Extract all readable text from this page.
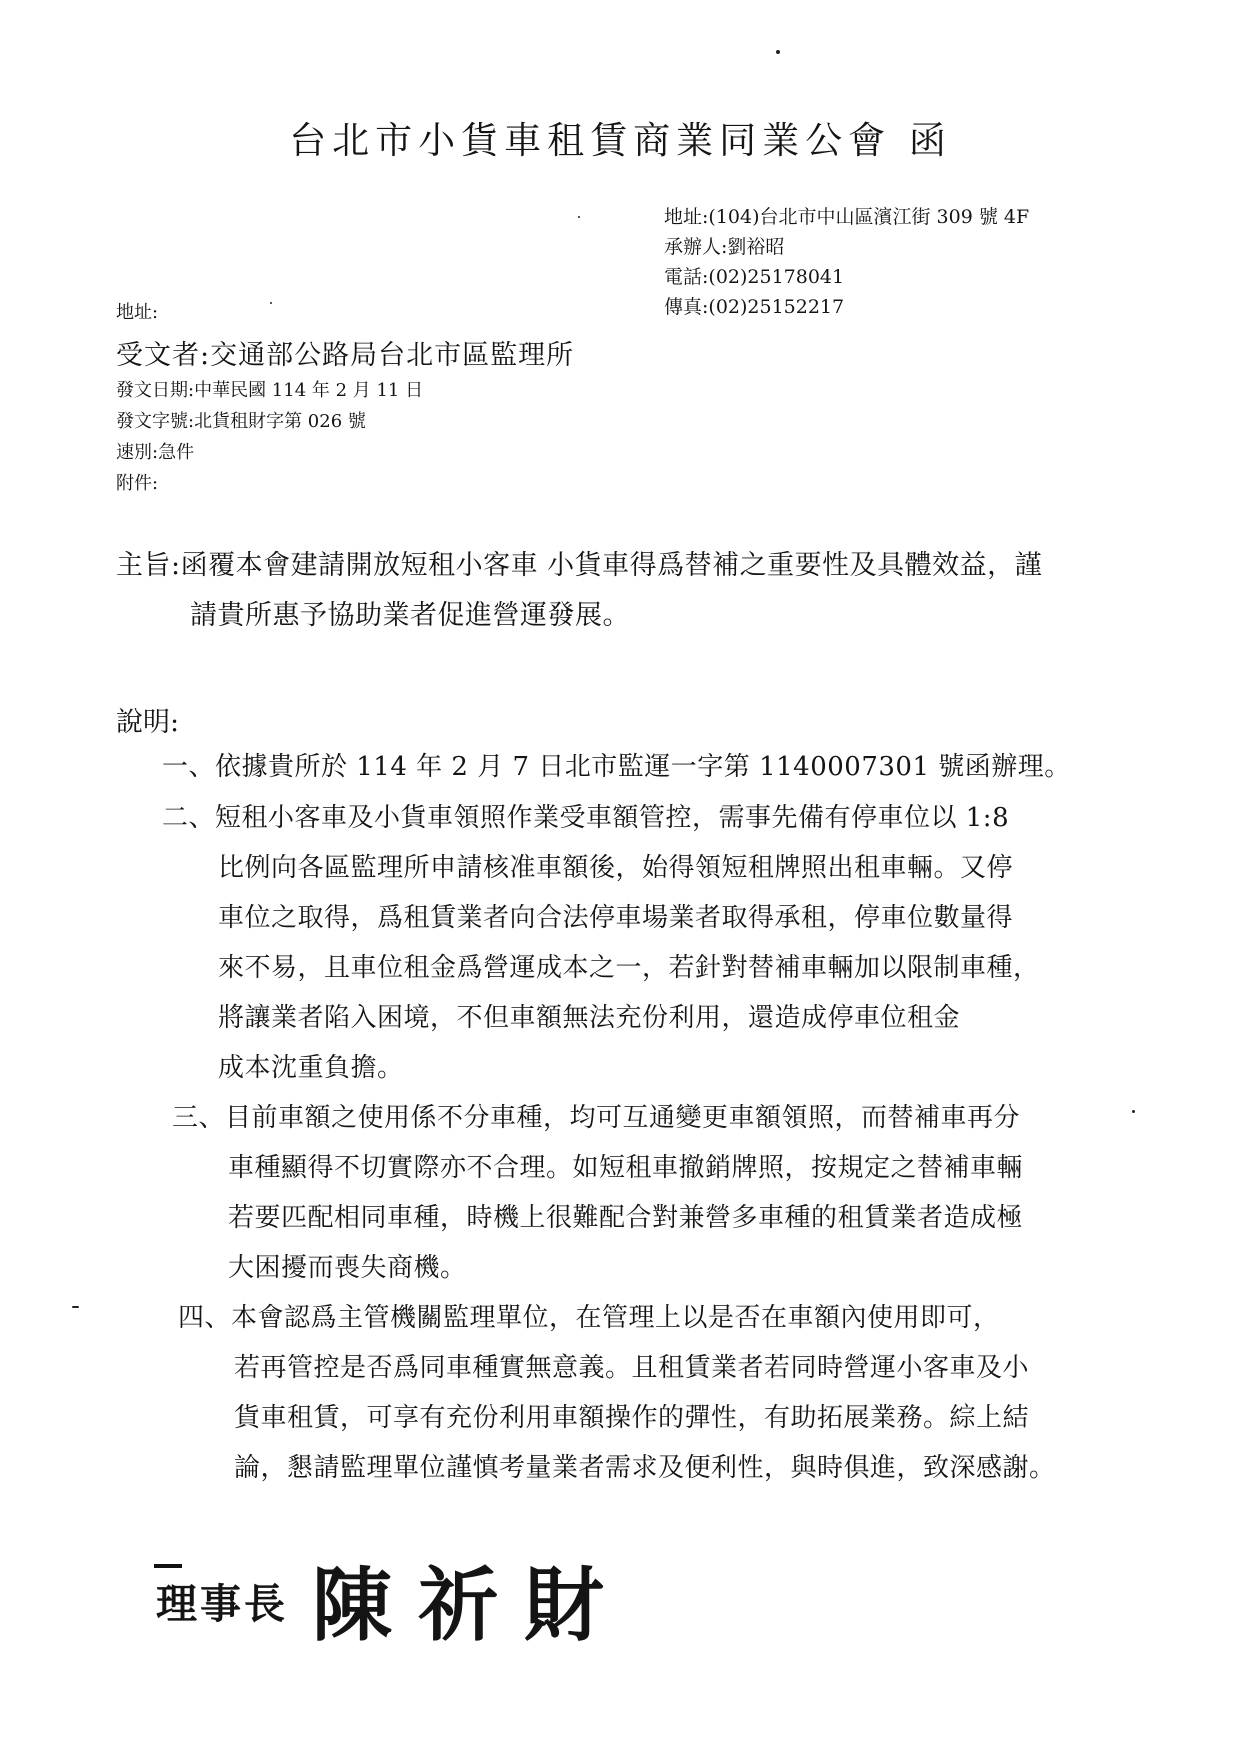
台北市小貨車租賃商業同業公會 函
地址:(104)台北市中山區濱江街 309 號 4F
承辦人:劉裕昭
電話:(02)25178041
傳真:(02)25152217
地址:
受文者:交通部公路局台北市區監理所
發文日期:中華民國 114 年 2 月 11 日
發文字號:北貨租財字第 026 號
速別:急件
附件:
主旨:函覆本會建請開放短租小客車 小貨車得爲替補之重要性及具體效益，謹
請貴所惠予協助業者促進營運發展。
說明:
一、依據貴所於 114 年 2 月 7 日北市監運一字第 1140007301 號函辦理。
二、短租小客車及小貨車領照作業受車額管控，需事先備有停車位以 1:8
比例向各區監理所申請核准車額後，始得領短租牌照出租車輛。又停
車位之取得，爲租賃業者向合法停車場業者取得承租，停車位數量得
來不易，且車位租金爲營運成本之一，若針對替補車輛加以限制車種，
將讓業者陷入困境，不但車額無法充份利用，還造成停車位租金
成本沈重負擔。
三、目前車額之使用係不分車種，均可互通變更車額領照，而替補車再分
車種顯得不切實際亦不合理。如短租車撤銷牌照，按規定之替補車輛
若要匹配相同車種，時機上很難配合對兼營多車種的租賃業者造成極
大困擾而喪失商機。
四、本會認爲主管機關監理單位，在管理上以是否在車額內使用即可，
若再管控是否爲同車種實無意義。且租賃業者若同時營運小客車及小
貨車租賃，可享有充份利用車額操作的彈性，有助拓展業務。綜上結
論，懇請監理單位謹慎考量業者需求及便利性，與時俱進，致深感謝。
理事長 陳祈財
